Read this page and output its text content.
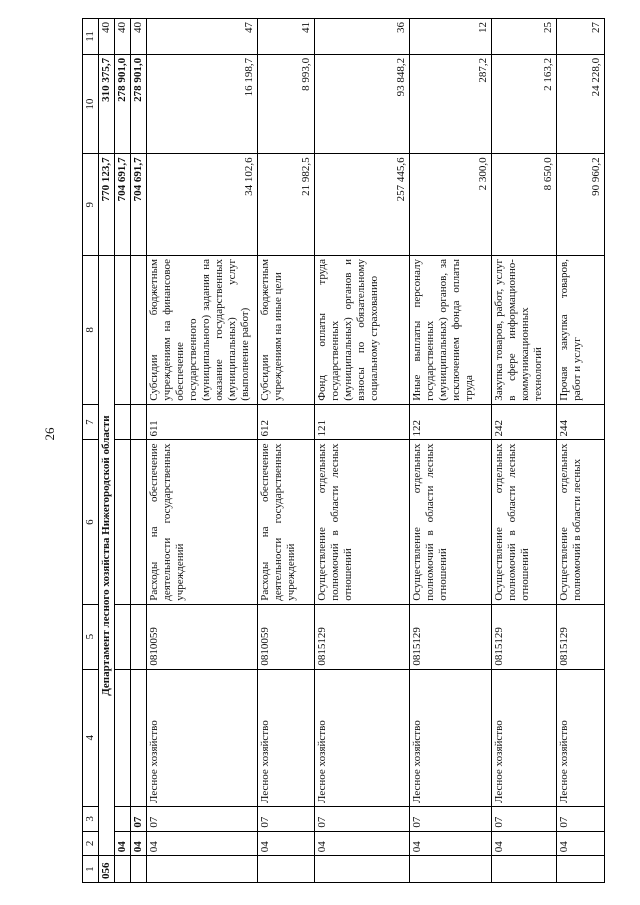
26
1	2	3	4	5	6	7	8	9	10	11
056	Департамент лесного хозяйства Нижегородской области							770 123,7	310 375,7	40
	04							704 691,7	278 901,0	40
	04	07						704 691,7	278 901,0	40
	04	07	Лесное хозяйство	0810059	Расходы на обеспечение деятельности государственных учреждений	611	Субсидии бюджетным учреждениям на финансовое обеспечение государственного (муниципального) задания на оказание государственных (муниципальных) услуг (выполнение работ)	34 102,6	16 198,7	47
	04	07	Лесное хозяйство	0810059	Расходы на обеспечение деятельности государственных учреждений	612	Субсидии бюджетным учреждениям на иные цели	21 982,5	8 993,0	41
	04	07	Лесное хозяйство	0815129	Осуществление отдельных полномочий в области лесных отношений	121	Фонд оплаты труда государственных (муниципальных) органов и взносы по обязательному социальному страхованию	257 445,6	93 848,2	36
	04	07	Лесное хозяйство	0815129	Осуществление отдельных полномочий в области лесных отношений	122	Иные выплаты персоналу государственных (муниципальных) органов, за исключением фонда оплаты труда	2 300,0	287,2	12
	04	07	Лесное хозяйство	0815129	Осуществление отдельных полномочий в области лесных отношений	242	Закупка товаров, работ, услуг в сфере информационно-коммуникационных технологий	8 650,0	2 163,2	25
	04	07	Лесное хозяйство	0815129	Осуществление отдельных полномочий в области лесных	244	Прочая закупка товаров, работ и услуг	90 960,2	24 228,0	27
